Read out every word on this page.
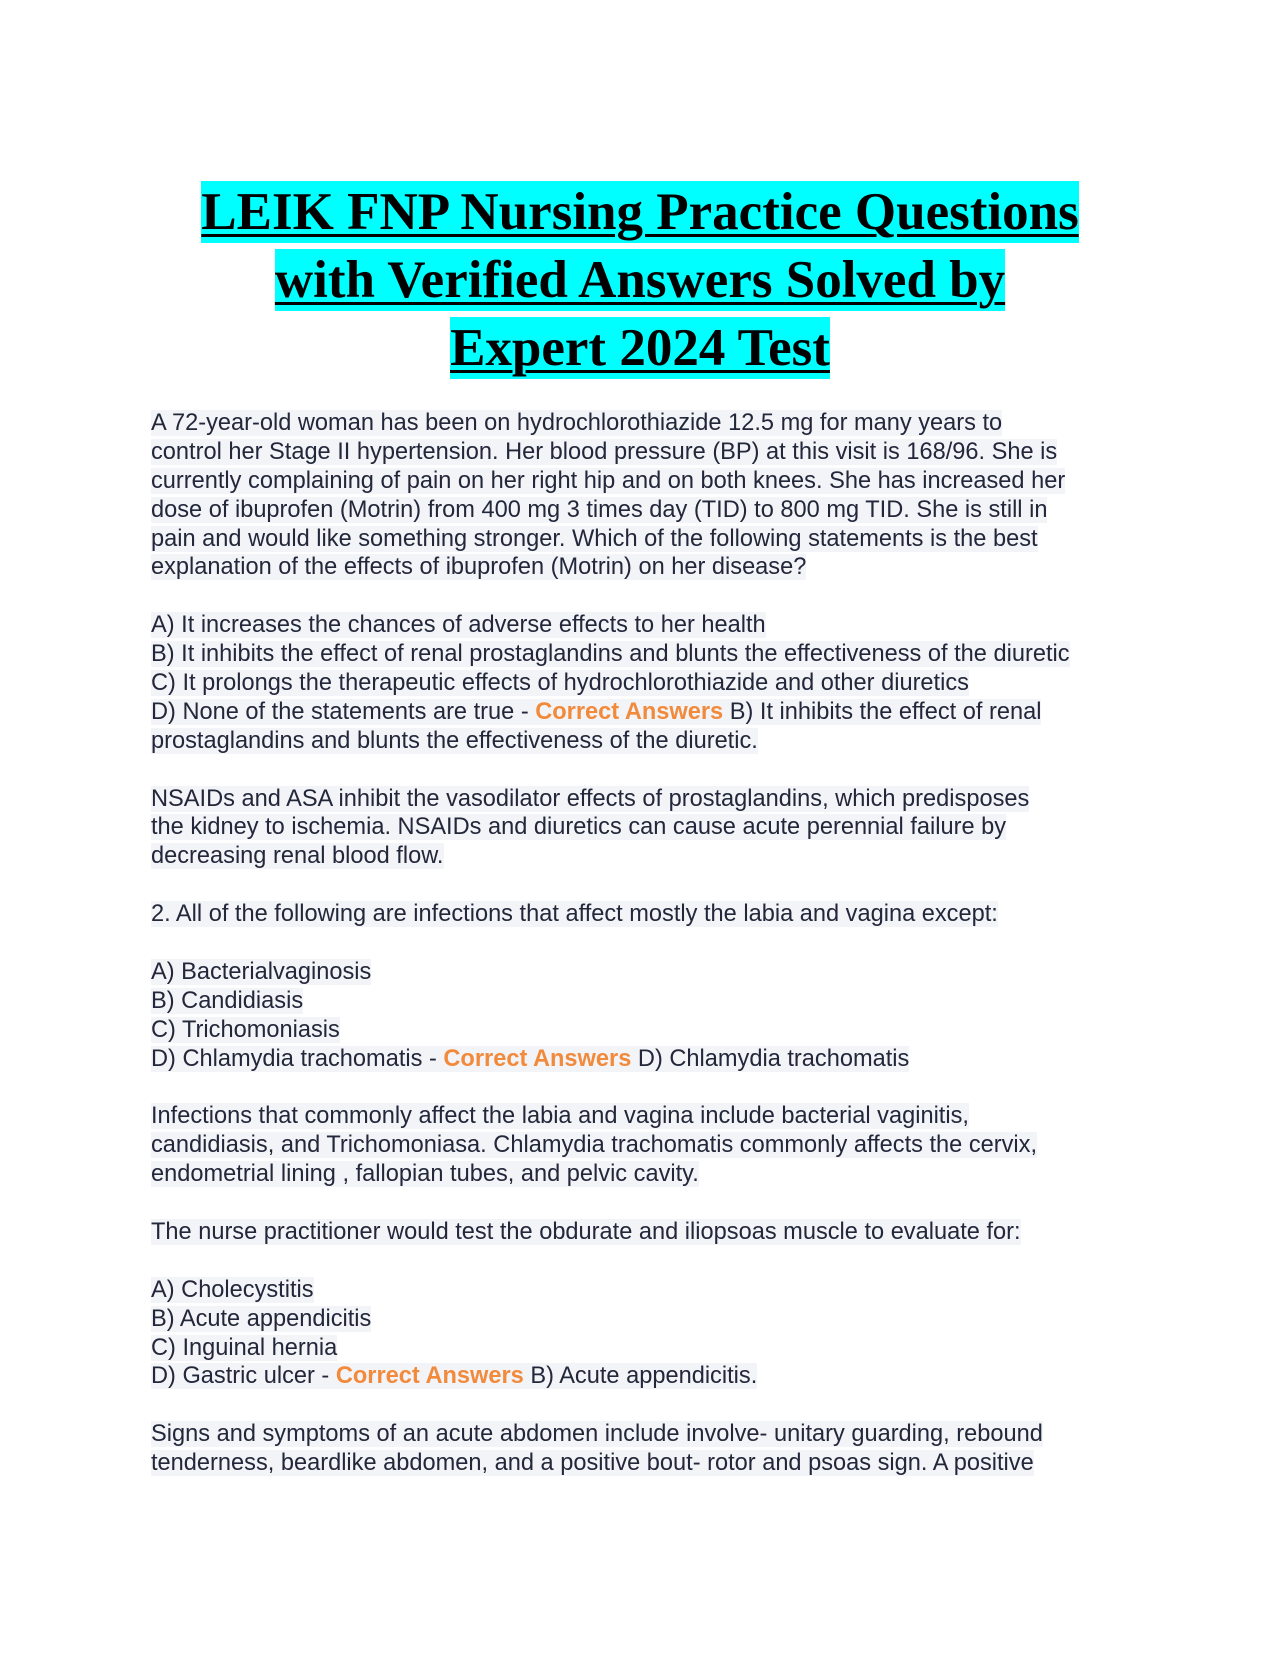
LEIK FNP Nursing Practice Questions
with Verified Answers Solved by
Expert 2024 Test
A 72-year-old woman has been on hydrochlorothiazide 12.5 mg for many years to
control her Stage II hypertension. Her blood pressure (BP) at this visit is 168/96. She is
currently complaining of pain on her right hip and on both knees. She has increased her
dose of ibuprofen (Motrin) from 400 mg 3 times day (TID) to 800 mg TID. She is still in
pain and would like something stronger. Which of the following statements is the best
explanation of the effects of ibuprofen (Motrin) on her disease?
A) It increases the chances of adverse effects to her health
B) It inhibits the effect of renal prostaglandins and blunts the effectiveness of the diuretic
C) It prolongs the therapeutic effects of hydrochlorothiazide and other diuretics
D) None of the statements are true - Correct Answers B) It inhibits the effect of renal
prostaglandins and blunts the effectiveness of the diuretic.
NSAIDs and ASA inhibit the vasodilator effects of prostaglandins, which predisposes
the kidney to ischemia. NSAIDs and diuretics can cause acute perennial failure by
decreasing renal blood flow.
2. All of the following are infections that affect mostly the labia and vagina except:
A) Bacterialvaginosis
B) Candidiasis
C) Trichomoniasis
D) Chlamydia trachomatis - Correct Answers D) Chlamydia trachomatis
Infections that commonly affect the labia and vagina include bacterial vaginitis,
candidiasis, and Trichomoniasa. Chlamydia trachomatis commonly affects the cervix,
endometrial lining , fallopian tubes, and pelvic cavity.
The nurse practitioner would test the obdurate and iliopsoas muscle to evaluate for:
A) Cholecystitis
B) Acute appendicitis
C) Inguinal hernia
D) Gastric ulcer - Correct Answers B) Acute appendicitis.
Signs and symptoms of an acute abdomen include involve- unitary guarding, rebound
tenderness, beardlike abdomen, and a positive bout- rotor and psoas sign. A positive
